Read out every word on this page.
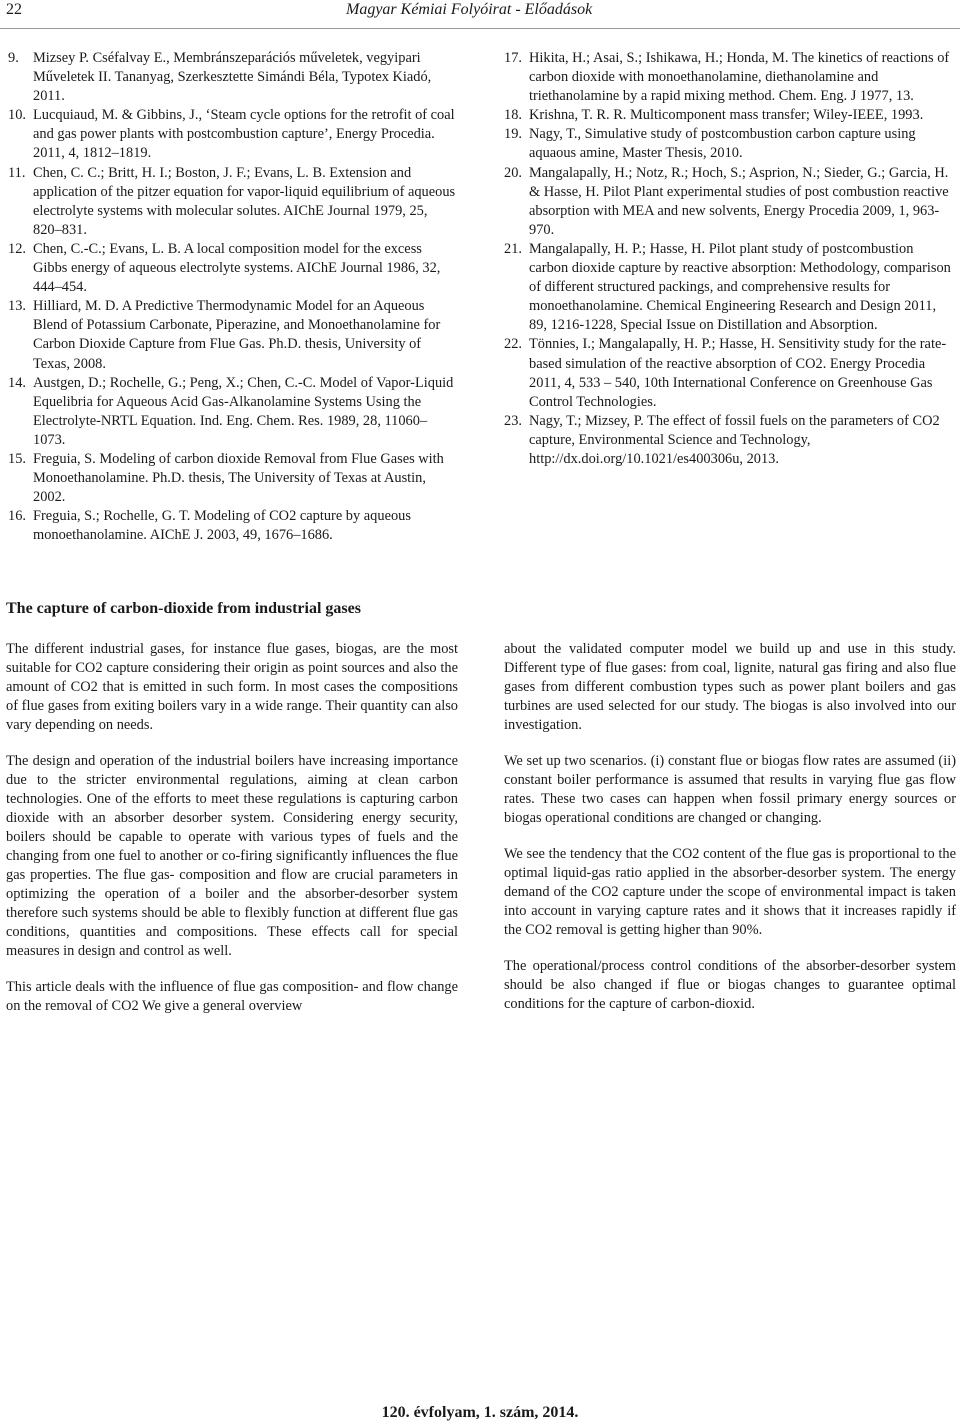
22	Magyar Kémiai Folyóirat - Előadások
9. Mizsey P. Cséfalvay E., Membránszeparációs műveletek, vegyipari Műveletek II. Tananyag, Szerkesztette Simándi Béla, Typotex Kiadó, 2011.
10. Lucquiaud, M. & Gibbins, J., ‘Steam cycle options for the retrofit of coal and gas power plants with postcombustion capture’, Energy Procedia. 2011, 4, 1812–1819.
11. Chen, C. C.; Britt, H. I.; Boston, J. F.; Evans, L. B. Extension and application of the pitzer equation for vapor-liquid equilibrium of aqueous electrolyte systems with molecular solutes. AIChE Journal 1979, 25, 820–831.
12. Chen, C.-C.; Evans, L. B. A local composition model for the excess Gibbs energy of aqueous electrolyte systems. AIChE Journal 1986, 32, 444–454.
13. Hilliard, M. D. A Predictive Thermodynamic Model for an Aqueous Blend of Potassium Carbonate, Piperazine, and Monoethanolamine for Carbon Dioxide Capture from Flue Gas. Ph.D. thesis, University of Texas, 2008.
14. Austgen, D.; Rochelle, G.; Peng, X.; Chen, C.-C. Model of Vapor-Liquid Equelibria for Aqueous Acid Gas-Alkanolamine Systems Using the Electrolyte-NRTL Equation. Ind. Eng. Chem. Res. 1989, 28, 11060–1073.
15. Freguia, S. Modeling of carbon dioxide Removal from Flue Gases with Monoethanolamine. Ph.D. thesis, The University of Texas at Austin, 2002.
16. Freguia, S.; Rochelle, G. T. Modeling of CO2 capture by aqueous monoethanolamine. AIChE J. 2003, 49, 1676–1686.
17. Hikita, H.; Asai, S.; Ishikawa, H.; Honda, M. The kinetics of reactions of carbon dioxide with monoethanolamine, diethanolamine and triethanolamine by a rapid mixing method. Chem. Eng. J 1977, 13.
18. Krishna, T. R. R. Multicomponent mass transfer; Wiley-IEEE, 1993.
19. Nagy, T., Simulative study of postcombustion carbon capture using aquaous amine, Master Thesis, 2010.
20. Mangalapally, H.; Notz, R.; Hoch, S.; Asprion, N.; Sieder, G.; Garcia, H. & Hasse, H. Pilot Plant experimental studies of post combustion reactive absorption with MEA and new solvents, Energy Procedia 2009, 1, 963-970.
21. Mangalapally, H. P.; Hasse, H. Pilot plant study of postcombustion carbon dioxide capture by reactive absorption: Methodology, comparison of different structured packings, and comprehensive results for monoethanolamine. Chemical Engineering Research and Design 2011, 89, 1216-1228, Special Issue on Distillation and Absorption.
22. Tönnies, I.; Mangalapally, H. P.; Hasse, H. Sensitivity study for the rate-based simulation of the reactive absorption of CO2. Energy Procedia 2011, 4, 533 – 540, 10th International Conference on Greenhouse Gas Control Technologies.
23. Nagy, T.; Mizsey, P. The effect of fossil fuels on the parameters of CO2 capture, Environmental Science and Technology, http://dx.doi.org/10.1021/es400306u, 2013.
The capture of carbon-dioxide from industrial gases

The different industrial gases, for instance flue gases, biogas, are the most suitable for CO2 capture considering their origin as point sources and also the amount of CO2 that is emitted in such form. In most cases the compositions of flue gases from exiting boilers vary in a wide range. Their quantity can also vary depending on needs.

The design and operation of the industrial boilers have increasing importance due to the stricter environmental regulations, aiming at clean carbon technologies. One of the efforts to meet these regulations is capturing carbon dioxide with an absorber desorber system. Considering energy security, boilers should be capable to operate with various types of fuels and the changing from one fuel to another or co-firing significantly influences the flue gas properties. The flue gas- composition and flow are crucial parameters in optimizing the operation of a boiler and the absorber-desorber system therefore such systems should be able to flexibly function at different flue gas conditions, quantities and compositions. These effects call for special measures in design and control as well.

This article deals with the influence of flue gas composition- and flow change on the removal of CO2 We give a general overview

about the validated computer model we build up and use in this study. Different type of flue gases: from coal, lignite, natural gas firing and also flue gases from different combustion types such as power plant boilers and gas turbines are used selected for our study. The biogas is also involved into our investigation.

We set up two scenarios. (i) constant flue or biogas flow rates are assumed (ii) constant boiler performance is assumed that results in varying flue gas flow rates. These two cases can happen when fossil primary energy sources or biogas operational conditions are changed or changing.

We see the tendency that the CO2 content of the flue gas is proportional to the optimal liquid-gas ratio applied in the absorber-desorber system. The energy demand of the CO2 capture under the scope of environmental impact is taken into account in varying capture rates and it shows that it increases rapidly if the CO2 removal is getting higher than 90%.

The operational/process control conditions of the absorber-desorber system should be also changed if flue or biogas changes to guarantee optimal conditions for the capture of carbon-dioxid.

120. évfolyam, 1. szám, 2014.
